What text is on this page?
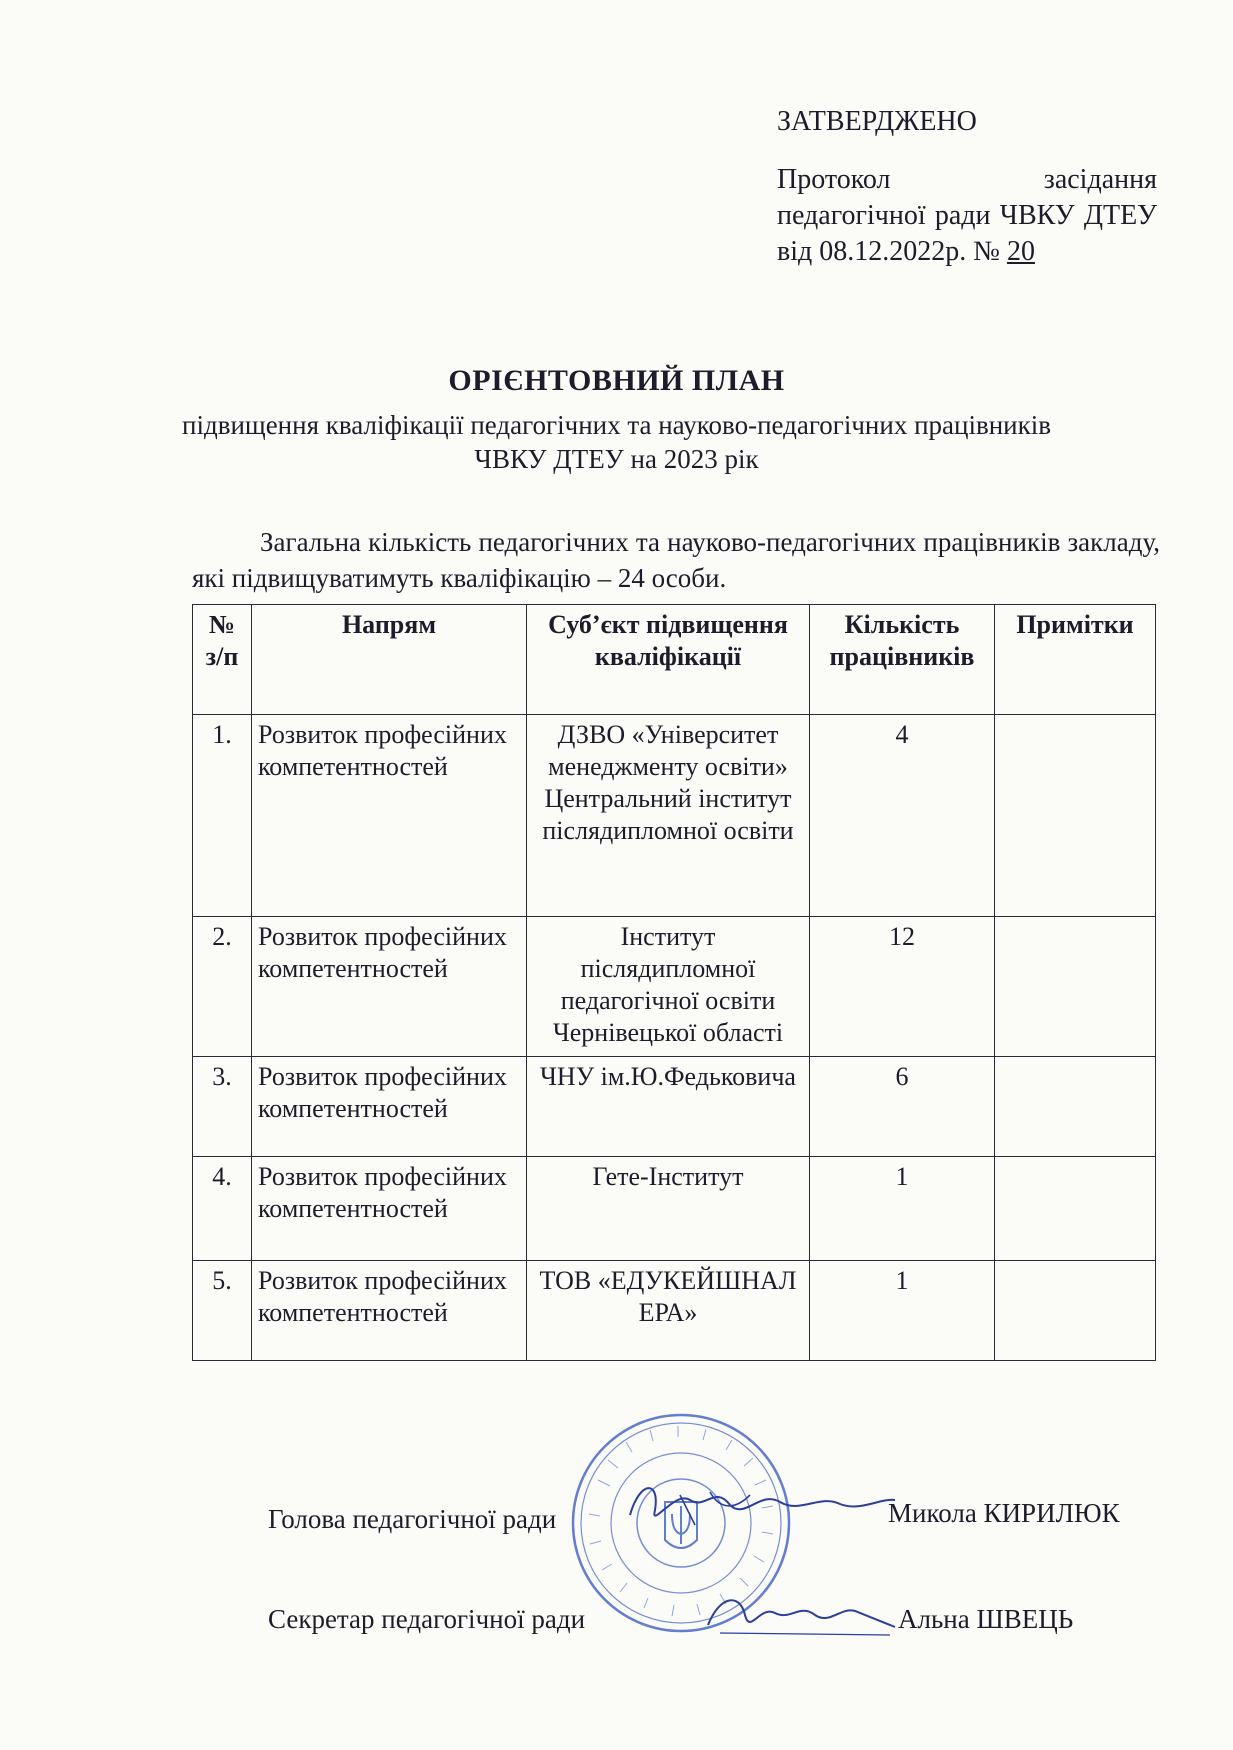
ЗАТВЕРДЖЕНО
Протокол засідання педагогічної ради ЧВКУ ДТЕУ від 08.12.2022р. № 20
ОРІЄНТОВНИЙ ПЛАН
підвищення кваліфікації педагогічних та науково-педагогічних працівників
ЧВКУ ДТЕУ на 2023 рік
Загальна кількість педагогічних та науково-педагогічних працівників закладу, які підвищуватимуть кваліфікацію – 24 особи.
№ з/п	Напрям	Суб’єкт підвищення кваліфікації	Кількість працівників	Примітки
1.	Розвиток професійних компетентностей	ДЗВО «Університет менеджменту освіти» Центральний інститут післядипломної освіти	4	
2.	Розвиток професійних компетентностей	Інститут післядипломної педагогічної освіти Чернівецької області	12	
3.	Розвиток професійних компетентностей	ЧНУ ім.Ю.Федьковича	6	
4.	Розвиток професійних компетентностей	Гете-Інститут	1	
5.	Розвиток професійних компетентностей	ТОВ «ЕДУКЕЙШНАЛ ЕРА»	1	
Голова педагогічної ради	Микола КИРИЛЮК
Секретар педагогічної ради	Альна ШВЕЦЬ
